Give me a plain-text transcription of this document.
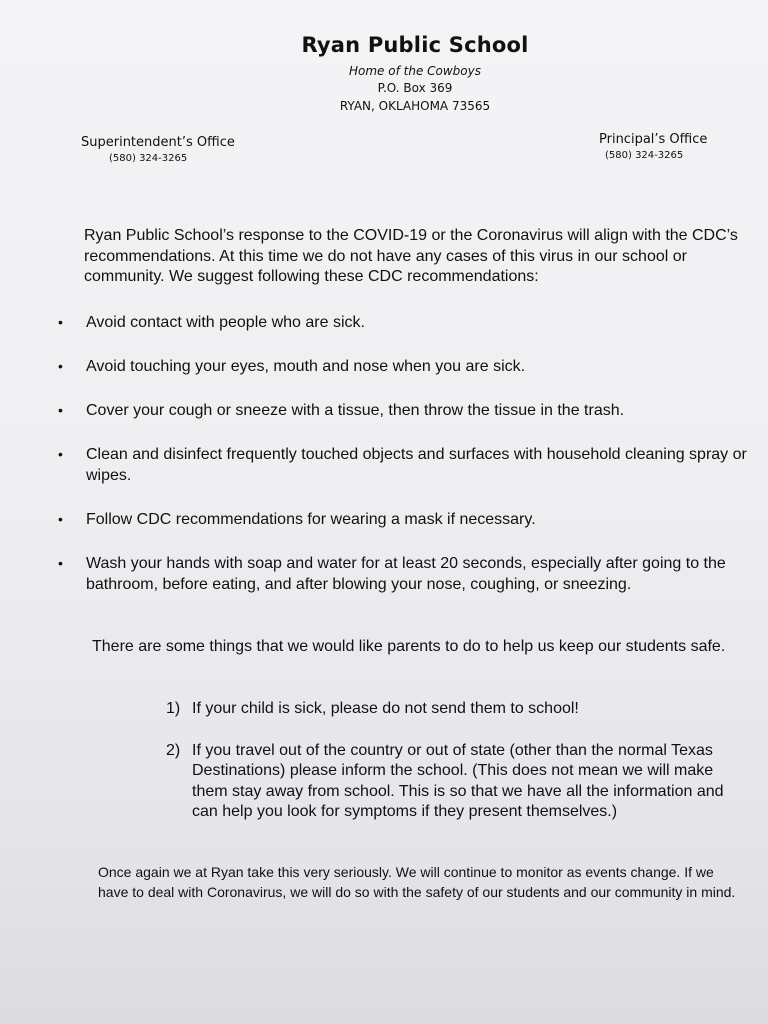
Ryan Public School
Home of the Cowboys
P.O. Box 369
RYAN, OKLAHOMA 73565
Superintendent’s Office
(580) 324-3265
Principal’s Office
(580) 324-3265

Ryan Public School’s response to the COVID-19 or the Coronavirus will align with the CDC’s recommendations. At this time we do not have any cases of this virus in our school or community. We suggest following these CDC recommendations:

• Avoid contact with people who are sick.
• Avoid touching your eyes, mouth and nose when you are sick.
• Cover your cough or sneeze with a tissue, then throw the tissue in the trash.
• Clean and disinfect frequently touched objects and surfaces with household cleaning spray or wipes.
• Follow CDC recommendations for wearing a mask if necessary.
• Wash your hands with soap and water for at least 20 seconds, especially after going to the bathroom, before eating, and after blowing your nose, coughing, or sneezing.

There are some things that we would like parents to do to help us keep our students safe.

1) If your child is sick, please do not send them to school!
2) If you travel out of the country or out of state (other than the normal Texas Destinations) please inform the school. (This does not mean we will make them stay away from school. This is so that we have all the information and can help you look for symptoms if they present themselves.)

Once again we at Ryan take this very seriously. We will continue to monitor as events change. If we have to deal with Coronavirus, we will do so with the safety of our students and our community in mind.
